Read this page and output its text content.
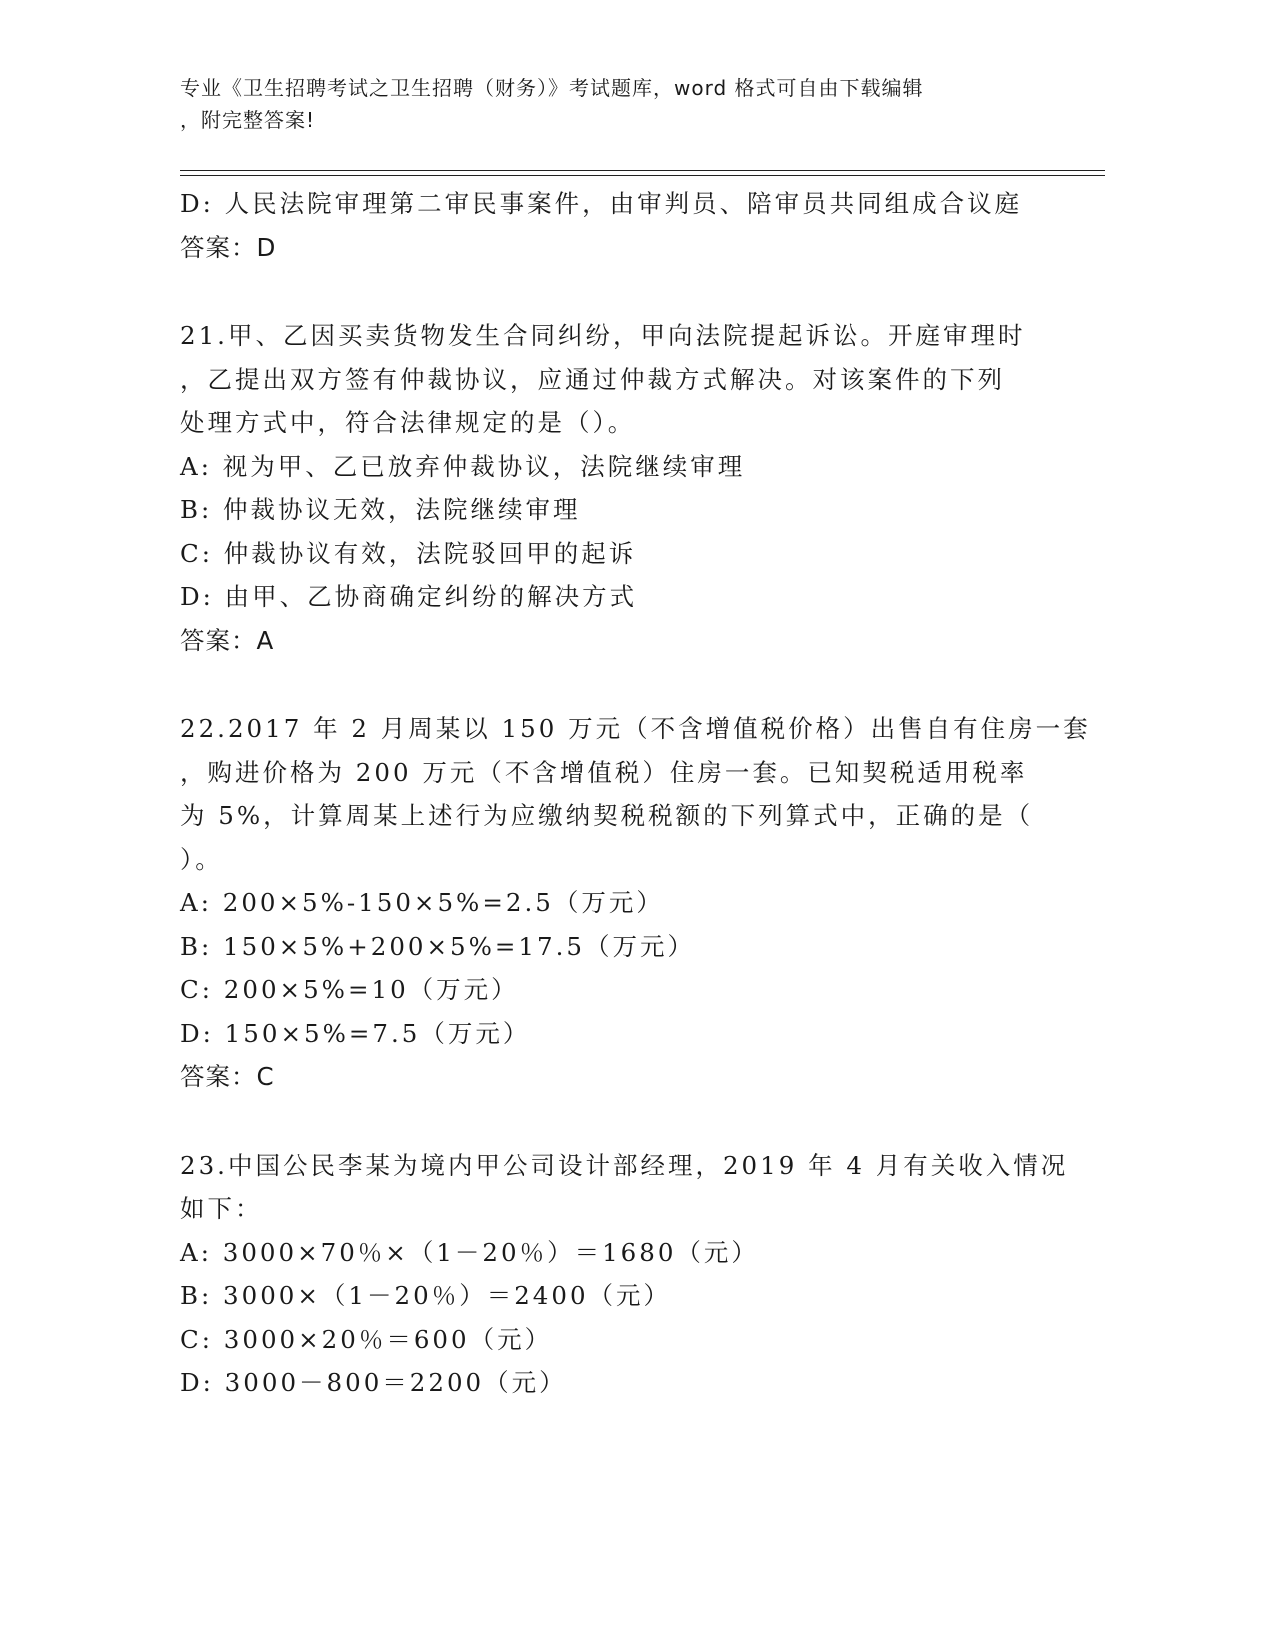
专业《卫生招聘考试之卫生招聘（财务）》考试题库，word 格式可自由下载编辑
，附完整答案!
D: 人民法院审理第二审民事案件，由审判员、陪审员共同组成合议庭
答案：D
21.甲、乙因买卖货物发生合同纠纷，甲向法院提起诉讼。开庭审理时
，乙提出双方签有仲裁协议，应通过仲裁方式解决。对该案件的下列
处理方式中，符合法律规定的是（）。
A: 视为甲、乙已放弃仲裁协议，法院继续审理
B: 仲裁协议无效，法院继续审理
C: 仲裁协议有效，法院驳回甲的起诉
D: 由甲、乙协商确定纠纷的解决方式
答案：A
22.2017 年 2 月周某以 150 万元（不含增值税价格）出售自有住房一套
，购进价格为 200 万元（不含增值税）住房一套。已知契税适用税率
为 5%，计算周某上述行为应缴纳契税税额的下列算式中，正确的是（
）。
A: 200×5%-150×5%=2.5（万元）
B: 150×5%+200×5%=17.5（万元）
C: 200×5%=10（万元）
D: 150×5%=7.5（万元）
答案：C
23.中国公民李某为境内甲公司设计部经理，2019 年 4 月有关收入情况
如下：
A: 3000×70％×（1－20％）＝1680（元）
B: 3000×（1－20％）＝2400（元）
C: 3000×20％＝600（元）
D: 3000－800＝2200（元）
